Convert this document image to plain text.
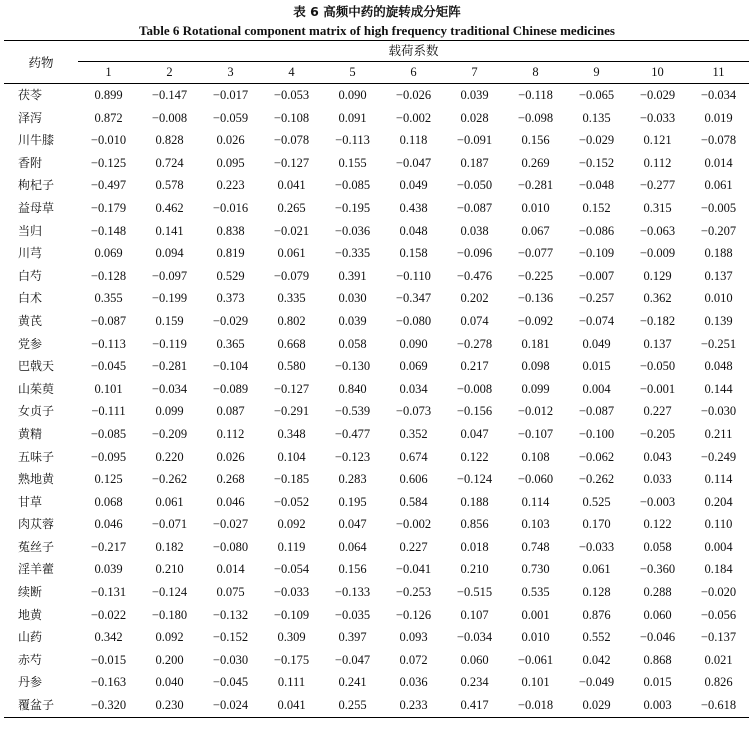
表 6 高频中药的旋转成分矩阵
Table 6 Rotational component matrix of high frequency traditional Chinese medicines
药物	载荷系数										
	1	2	3	4	5	6	7	8	9	10	11
茯苓	0.899	−0.147	−0.017	−0.053	0.090	−0.026	0.039	−0.118	−0.065	−0.029	−0.034
泽泻	0.872	−0.008	−0.059	−0.108	0.091	−0.002	0.028	−0.098	0.135	−0.033	0.019
川牛膝	−0.010	0.828	0.026	−0.078	−0.113	0.118	−0.091	0.156	−0.029	0.121	−0.078
香附	−0.125	0.724	0.095	−0.127	0.155	−0.047	0.187	0.269	−0.152	0.112	0.014
枸杞子	−0.497	0.578	0.223	0.041	−0.085	0.049	−0.050	−0.281	−0.048	−0.277	0.061
益母草	−0.179	0.462	−0.016	0.265	−0.195	0.438	−0.087	0.010	0.152	0.315	−0.005
当归	−0.148	0.141	0.838	−0.021	−0.036	0.048	0.038	0.067	−0.086	−0.063	−0.207
川芎	0.069	0.094	0.819	0.061	−0.335	0.158	−0.096	−0.077	−0.109	−0.009	0.188
白芍	−0.128	−0.097	0.529	−0.079	0.391	−0.110	−0.476	−0.225	−0.007	0.129	0.137
白术	0.355	−0.199	0.373	0.335	0.030	−0.347	0.202	−0.136	−0.257	0.362	0.010
黄芪	−0.087	0.159	−0.029	0.802	0.039	−0.080	0.074	−0.092	−0.074	−0.182	0.139
党参	−0.113	−0.119	0.365	0.668	0.058	0.090	−0.278	0.181	0.049	0.137	−0.251
巴戟天	−0.045	−0.281	−0.104	0.580	−0.130	0.069	0.217	0.098	0.015	−0.050	0.048
山茱萸	0.101	−0.034	−0.089	−0.127	0.840	0.034	−0.008	0.099	0.004	−0.001	0.144
女贞子	−0.111	0.099	0.087	−0.291	−0.539	−0.073	−0.156	−0.012	−0.087	0.227	−0.030
黄精	−0.085	−0.209	0.112	0.348	−0.477	0.352	0.047	−0.107	−0.100	−0.205	0.211
五味子	−0.095	0.220	0.026	0.104	−0.123	0.674	0.122	0.108	−0.062	0.043	−0.249
熟地黄	0.125	−0.262	0.268	−0.185	0.283	0.606	−0.124	−0.060	−0.262	0.033	0.114
甘草	0.068	0.061	0.046	−0.052	0.195	0.584	0.188	0.114	0.525	−0.003	0.204
肉苁蓉	0.046	−0.071	−0.027	0.092	0.047	−0.002	0.856	0.103	0.170	0.122	0.110
菟丝子	−0.217	0.182	−0.080	0.119	0.064	0.227	0.018	0.748	−0.033	0.058	0.004
淫羊藿	0.039	0.210	0.014	−0.054	0.156	−0.041	0.210	0.730	0.061	−0.360	0.184
续断	−0.131	−0.124	0.075	−0.033	−0.133	−0.253	−0.515	0.535	0.128	0.288	−0.020
地黄	−0.022	−0.180	−0.132	−0.109	−0.035	−0.126	0.107	0.001	0.876	0.060	−0.056
山药	0.342	0.092	−0.152	0.309	0.397	0.093	−0.034	0.010	0.552	−0.046	−0.137
赤芍	−0.015	0.200	−0.030	−0.175	−0.047	0.072	0.060	−0.061	0.042	0.868	0.021
丹参	−0.163	0.040	−0.045	0.111	0.241	0.036	0.234	0.101	−0.049	0.015	0.826
覆盆子	−0.320	0.230	−0.024	0.041	0.255	0.233	0.417	−0.018	0.029	0.003	−0.618
